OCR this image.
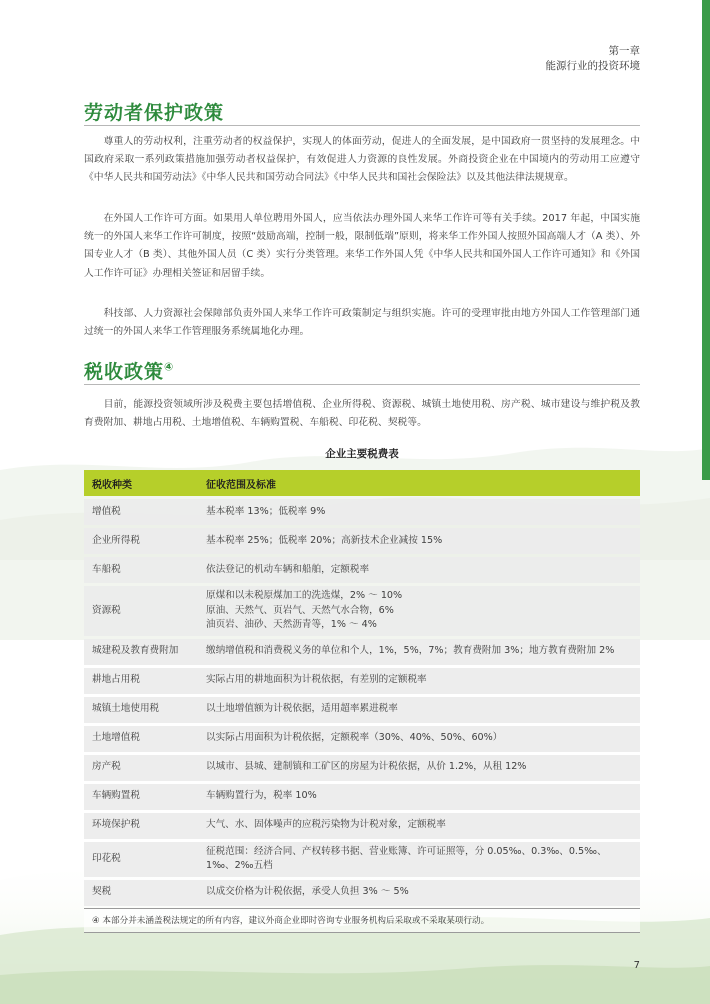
第一章
能源行业的投资环境
劳动者保护政策

尊重人的劳动权利，注重劳动者的权益保护，实现人的体面劳动，促进人的全面发展，是中国政府一贯坚持的发展理念。中国政府采取一系列政策措施加强劳动者权益保护，有效促进人力资源的良性发展。外商投资企业在中国境内的劳动用工应遵守《中华人民共和国劳动法》《中华人民共和国劳动合同法》《中华人民共和国社会保险法》以及其他法律法规规章。

在外国人工作许可方面。如果用人单位聘用外国人，应当依法办理外国人来华工作许可等有关手续。2017 年起，中国实施统一的外国人来华工作许可制度，按照“鼓励高端，控制一般，限制低端”原则，将来华工作外国人按照外国高端人才（A 类）、外国专业人才（B 类）、其他外国人员（C 类）实行分类管理。来华工作外国人凭《中华人民共和国外国人工作许可通知》和《外国人工作许可证》办理相关签证和居留手续。

科技部、人力资源社会保障部负责外国人来华工作许可政策制定与组织实施。许可的受理审批由地方外国人工作管理部门通过统一的外国人来华工作管理服务系统属地化办理。

税收政策④

目前，能源投资领域所涉及税费主要包括增值税、企业所得税、资源税、城镇土地使用税、房产税、城市建设与维护税及教育费附加、耕地占用税、土地增值税、车辆购置税、车船税、印花税、契税等。

企业主要税费表
税收种类	征收范围及标准
增值税	基本税率 13%；低税率 9%
企业所得税	基本税率 25%；低税率 20%；高新技术企业减按 15%
车船税	依法登记的机动车辆和船舶，定额税率
资源税	原煤和以未税原煤加工的洗选煤，2% ～ 10%
原油、天然气、页岩气、天然气水合物，6%
油页岩、油砂、天然沥青等，1% ～ 4%
城建税及教育费附加	缴纳增值税和消费税义务的单位和个人，1%，5%，7%；教育费附加 3%；地方教育费附加 2%
耕地占用税	实际占用的耕地面积为计税依据，有差别的定额税率
城镇土地使用税	以土地增值额为计税依据，适用超率累进税率
土地增值税	以实际占用面积为计税依据，定额税率（30%、40%、50%、60%）
房产税	以城市、县城、建制镇和工矿区的房屋为计税依据，从价 1.2%，从租 12%
车辆购置税	车辆购置行为，税率 10%
环境保护税	大气、水、固体噪声的应税污染物为计税对象，定额税率
印花税	征税范围：经济合同、产权转移书据、营业账簿、许可证照等，分 0.05‰、0.3‰、0.5‰、1‰、2‰五档
契税	以成交价格为计税依据，承受人负担 3% ～ 5%
④ 本部分并未涵盖税法规定的所有内容，建议外商企业即时咨询专业服务机构后采取或不采取某项行动。
7
